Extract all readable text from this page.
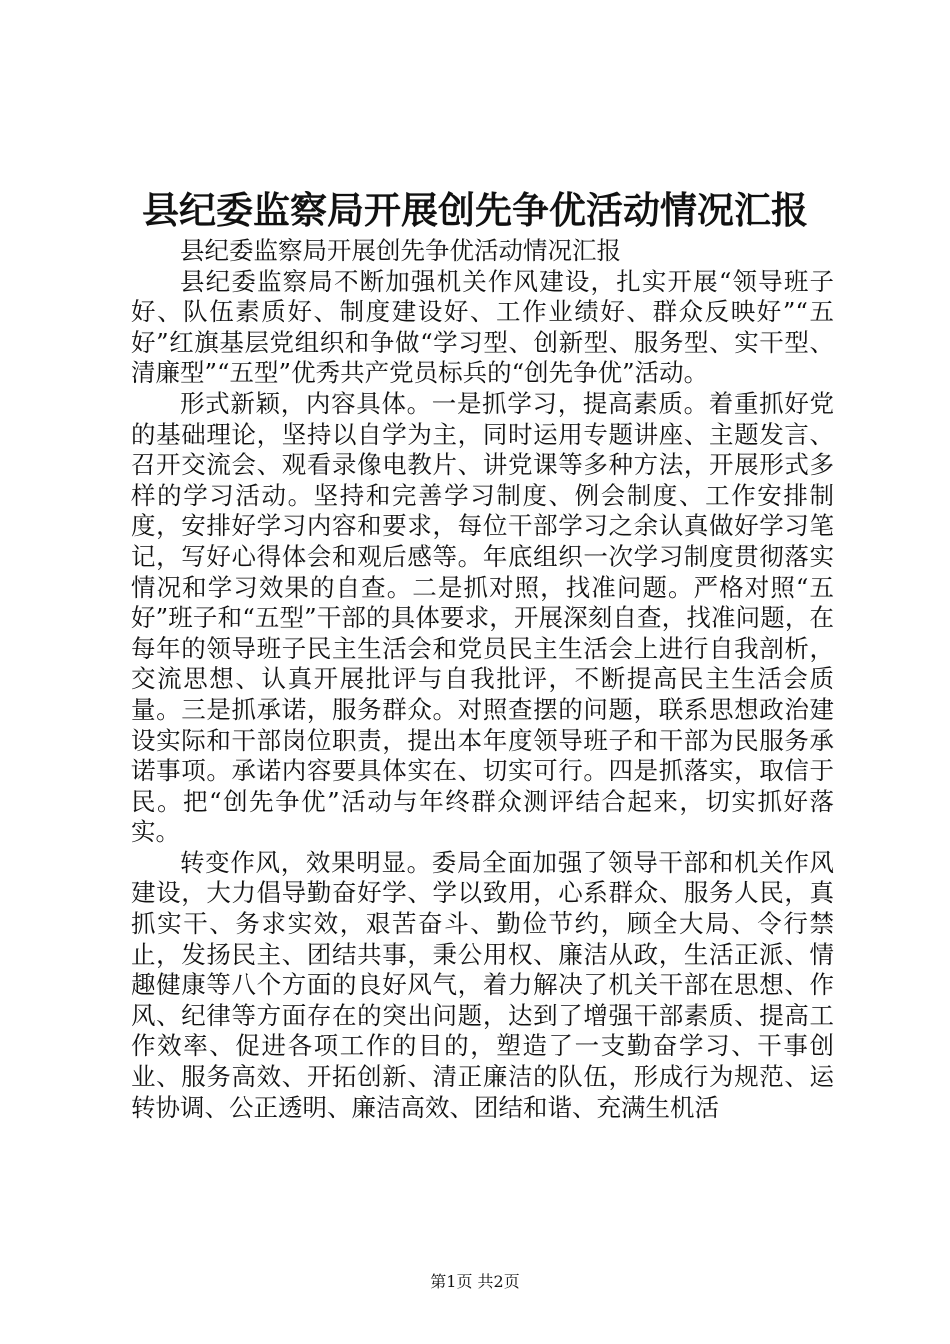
县纪委监察局开展创先争优活动情况汇报

县纪委监察局开展创先争优活动情况汇报

县纪委监察局不断加强机关作风建设，扎实开展“领导班子好、队伍素质好、制度建设好、工作业绩好、群众反映好”“五好”红旗基层党组织和争做“学习型、创新型、服务型、实干型、清廉型”“五型”优秀共产党员标兵的“创先争优”活动。

形式新颖，内容具体。一是抓学习，提高素质。着重抓好党的基础理论，坚持以自学为主，同时运用专题讲座、主题发言、召开交流会、观看录像电教片、讲党课等多种方法，开展形式多样的学习活动。坚持和完善学习制度、例会制度、工作安排制度，安排好学习内容和要求，每位干部学习之余认真做好学习笔记，写好心得体会和观后感等。年底组织一次学习制度贯彻落实情况和学习效果的自查。二是抓对照，找准问题。严格对照“五好”班子和“五型”干部的具体要求，开展深刻自查，找准问题，在每年的领导班子民主生活会和党员民主生活会上进行自我剖析，交流思想、认真开展批评与自我批评，不断提高民主生活会质量。三是抓承诺，服务群众。对照查摆的问题，联系思想政治建设实际和干部岗位职责，提出本年度领导班子和干部为民服务承诺事项。承诺内容要具体实在、切实可行。四是抓落实，取信于民。把“创先争优”活动与年终群众测评结合起来，切实抓好落实。

转变作风，效果明显。委局全面加强了领导干部和机关作风建设，大力倡导勤奋好学、学以致用，心系群众、服务人民，真抓实干、务求实效，艰苦奋斗、勤俭节约，顾全大局、令行禁止，发扬民主、团结共事，秉公用权、廉洁从政，生活正派、情趣健康等八个方面的良好风气，着力解决了机关干部在思想、作风、纪律等方面存在的突出问题，达到了增强干部素质、提高工作效率、促进各项工作的目的，塑造了一支勤奋学习、干事创业、服务高效、开拓创新、清正廉洁的队伍，形成行为规范、运转协调、公正透明、廉洁高效、团结和谐、充满生机活

第1页 共2页
